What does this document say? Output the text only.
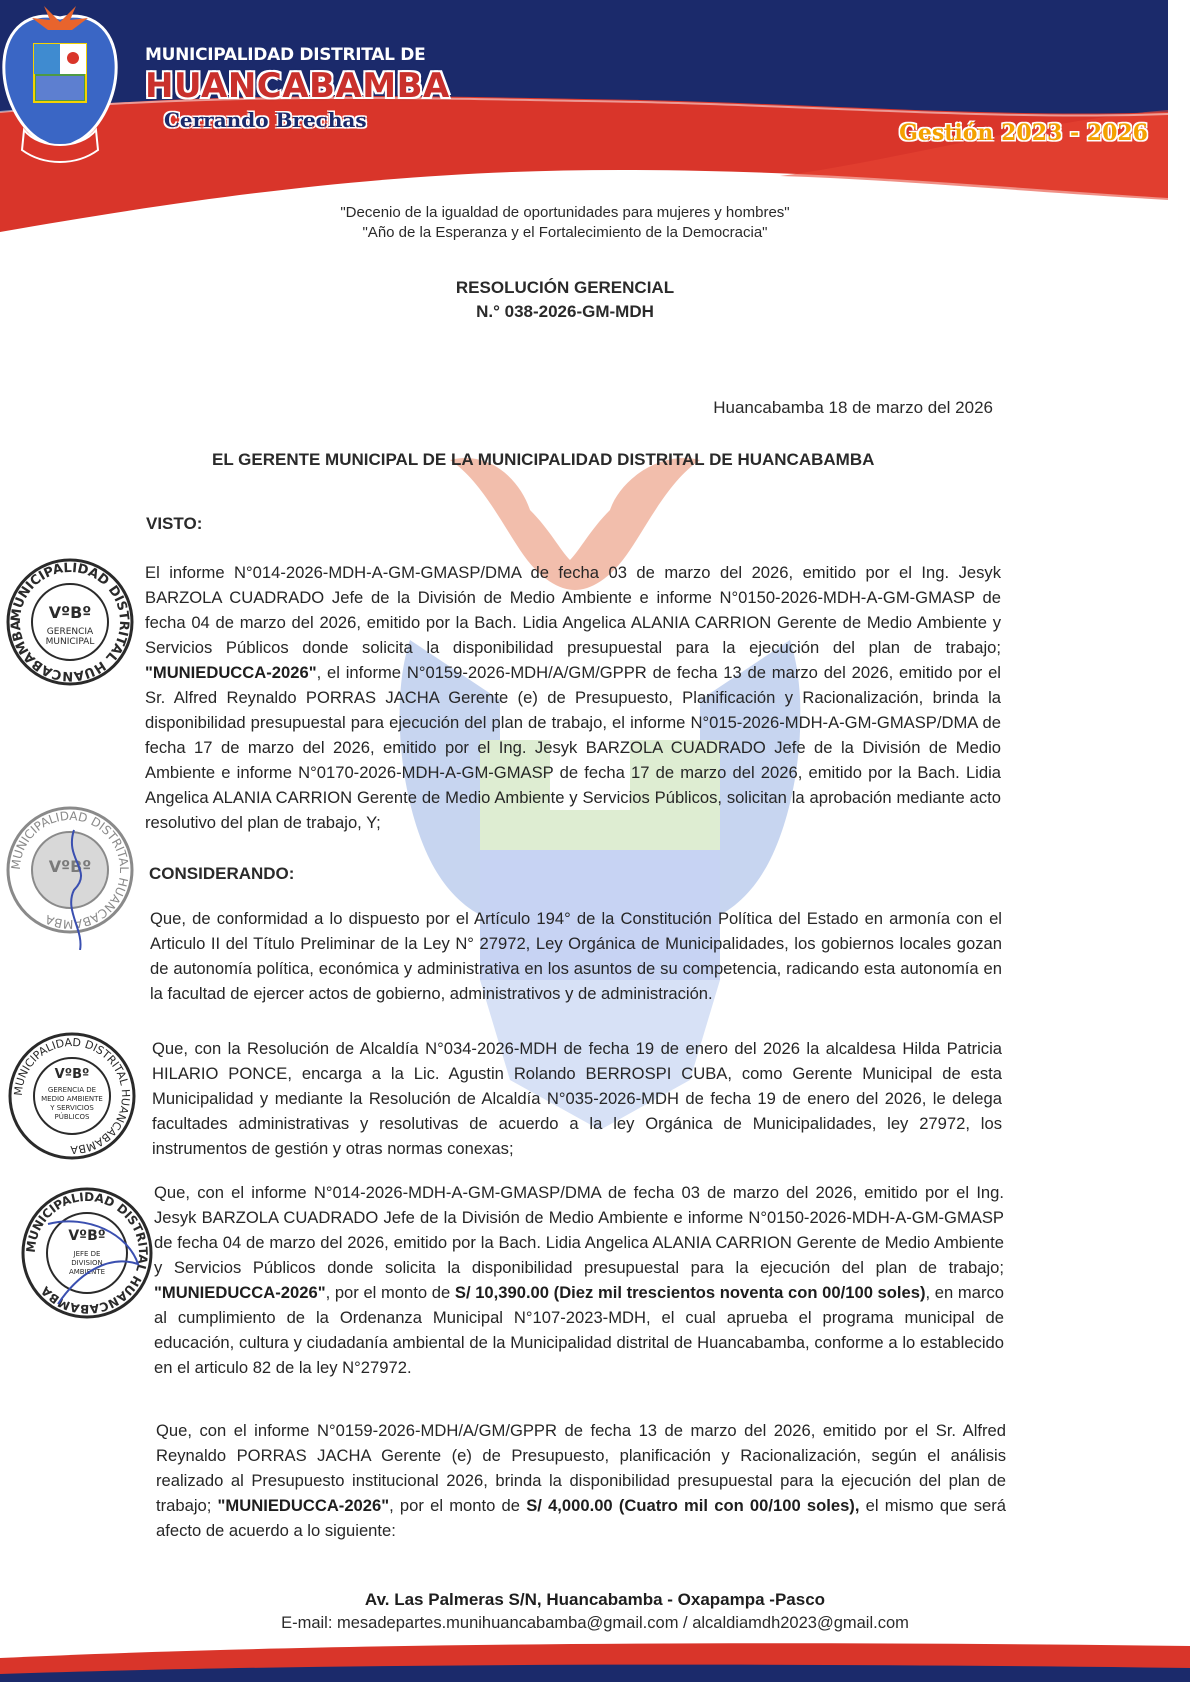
MUNICIPALIDAD DISTRITAL DE
HUANCABAMBA
Cerrando Brechas	Gestión 2023 - 2026
"Decenio de la igualdad de oportunidades para mujeres y hombres"
"Año de la Esperanza y el Fortalecimiento de la Democracia"
RESOLUCIÓN GERENCIAL
N.° 038-2026-GM-MDH
Huancabamba 18 de marzo del 2026
EL GERENTE MUNICIPAL DE LA MUNICIPALIDAD DISTRITAL DE HUANCABAMBA
VISTO:
El informe N°014-2026-MDH-A-GM-GMASP/DMA de fecha 03 de marzo del 2026, emitido por el Ing. Jesyk BARZOLA CUADRADO Jefe de la División de Medio Ambiente e informe N°0150-2026-MDH-A-GM-GMASP de fecha 04 de marzo del 2026, emitido por la Bach. Lidia Angelica ALANIA CARRION Gerente de Medio Ambiente y Servicios Públicos donde solicita la disponibilidad presupuestal para la ejecución del plan de trabajo; "MUNIEDUCCA-2026", el informe N°0159-2026-MDH/A/GM/GPPR de fecha 13 de marzo del 2026, emitido por el Sr. Alfred Reynaldo PORRAS JACHA Gerente (e) de Presupuesto, Planificación y Racionalización, brinda la disponibilidad presupuestal para ejecución del plan de trabajo, el informe N°015-2026-MDH-A-GM-GMASP/DMA de fecha 17 de marzo del 2026, emitido por el Ing. Jesyk BARZOLA CUADRADO Jefe de la División de Medio Ambiente e informe N°0170-2026-MDH-A-GM-GMASP de fecha 17 de marzo del 2026, emitido por la Bach. Lidia Angelica ALANIA CARRION Gerente de Medio Ambiente y Servicios Públicos, solicitan la aprobación mediante acto resolutivo del plan de trabajo, Y;
CONSIDERANDO:
Que, de conformidad a lo dispuesto por el Artículo 194° de la Constitución Política del Estado en armonía con el Articulo II del Título Preliminar de la Ley N° 27972, Ley Orgánica de Municipalidades, los gobiernos locales gozan de autonomía política, económica y administrativa en los asuntos de su competencia, radicando esta autonomía en la facultad de ejercer actos de gobierno, administrativos y de administración.
Que, con la Resolución de Alcaldía N°034-2026-MDH de fecha 19 de enero del 2026 la alcaldesa Hilda Patricia HILARIO PONCE, encarga a la Lic. Agustin Rolando BERROSPI CUBA, como Gerente Municipal de esta Municipalidad y mediante la Resolución de Alcaldía N°035-2026-MDH de fecha 19 de enero del 2026, le delega facultades administrativas y resolutivas de acuerdo a la ley Orgánica de Municipalidades, ley 27972, los instrumentos de gestión y otras normas conexas;
Que, con el informe N°014-2026-MDH-A-GM-GMASP/DMA de fecha 03 de marzo del 2026, emitido por el Ing. Jesyk BARZOLA CUADRADO Jefe de la División de Medio Ambiente e informe N°0150-2026-MDH-A-GM-GMASP de fecha 04 de marzo del 2026, emitido por la Bach. Lidia Angelica ALANIA CARRION Gerente de Medio Ambiente y Servicios Públicos donde solicita la disponibilidad presupuestal para la ejecución del plan de trabajo; "MUNIEDUCCA-2026", por el monto de S/ 10,390.00 (Diez mil trescientos noventa con 00/100 soles), en marco al cumplimiento de la Ordenanza Municipal N°107-2023-MDH, el cual aprueba el programa municipal de educación, cultura y ciudadanía ambiental de la Municipalidad distrital de Huancabamba, conforme a lo establecido en el articulo 82 de la ley N°27972.
Que, con el informe N°0159-2026-MDH/A/GM/GPPR de fecha 13 de marzo del 2026, emitido por el Sr. Alfred Reynaldo PORRAS JACHA Gerente (e) de Presupuesto, planificación y Racionalización, según el análisis realizado al Presupuesto institucional 2026, brinda la disponibilidad presupuestal para la ejecución del plan de trabajo; "MUNIEDUCCA-2026", por el monto de S/ 4,000.00 (Cuatro mil con 00/100 soles), el mismo que será afecto de acuerdo a lo siguiente:
MUNICIPALIDAD DISTRITAL HUANCABAMBA
VºBº
GERENCIA
MUNICIPAL
MUNICIPALIDAD DISTRITAL HUANCABAMBA
VºBº
MUNICIPALIDAD DISTRITAL HUANCABAMBA
VºBº
GERENCIA DE
MEDIO AMBIENTE
Y SERVICIOS
PÚBLICOS
MUNICIPALIDAD DISTRITAL HUANCABAMBA
VºBº
JEFE DE
DIVISION
AMBIENTE
Av. Las Palmeras S/N, Huancabamba - Oxapampa -Pasco
E-mail: mesadepartes.munihuancabamba@gmail.com / alcaldiamdh2023@gmail.com
